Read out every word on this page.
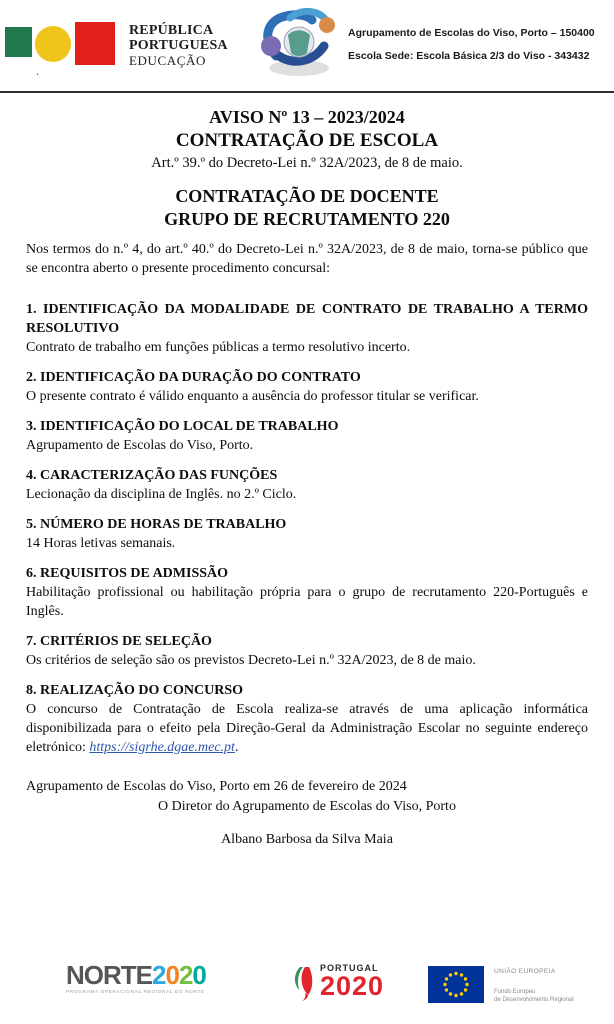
REPÚBLICA
PORTUGUESA
EDUCAÇÃO
.
Agrupamento de Escolas do Viso, Porto – 150400
Escola Sede: Escola Básica 2/3 do Viso - 343432
AVISO Nº 13 – 2023/2024
CONTRATAÇÃO DE ESCOLA
Art.º 39.º do Decreto-Lei n.º 32A/2023, de 8 de maio.
CONTRATAÇÃO DE DOCENTE
GRUPO DE RECRUTAMENTO 220

Nos termos do n.º 4, do art.º 40.º do Decreto-Lei n.º 32A/2023, de 8 de maio, torna-se público que se encontra aberto o presente procedimento concursal:

1. IDENTIFICAÇÃO DA MODALIDADE DE CONTRATO DE TRABALHO A TERMO RESOLUTIVO
Contrato de trabalho em funções públicas a termo resolutivo incerto.
2. IDENTIFICAÇÃO DA DURAÇÃO DO CONTRATO
O presente contrato é válido enquanto a ausência do professor titular se verificar.
3. IDENTIFICAÇÃO DO LOCAL DE TRABALHO
Agrupamento de Escolas do Viso, Porto.
4. CARACTERIZAÇÃO DAS FUNÇÕES
Lecionação da disciplina de Inglês. no 2.º Ciclo.
5. NÚMERO DE HORAS DE TRABALHO
14 Horas letivas semanais.
6. REQUISITOS DE ADMISSÃO
Habilitação profissional ou habilitação própria para o grupo de recrutamento 220-Português e Inglês.
7. CRITÉRIOS DE SELEÇÃO
Os critérios de seleção são os previstos Decreto-Lei n.º 32A/2023, de 8 de maio.
8. REALIZAÇÃO DO CONCURSO
O concurso de Contratação de Escola realiza-se através de uma aplicação informática disponibilizada para o efeito pela Direção-Geral da Administração Escolar no seguinte endereço eletrónico: https://sigrhe.dgae.mec.pt.
Agrupamento de Escolas do Viso, Porto em 26 de fevereiro de 2024
O Diretor do Agrupamento de Escolas do Viso, Porto
Albano Barbosa da Silva Maia
NORTE2020
PROGRAMA OPERACIONAL REGIONAL DO NORTE
PORTUGAL
2020	UNIÃO EUROPEIA
Fundo Europeu
de Desenvolvimento Regional
